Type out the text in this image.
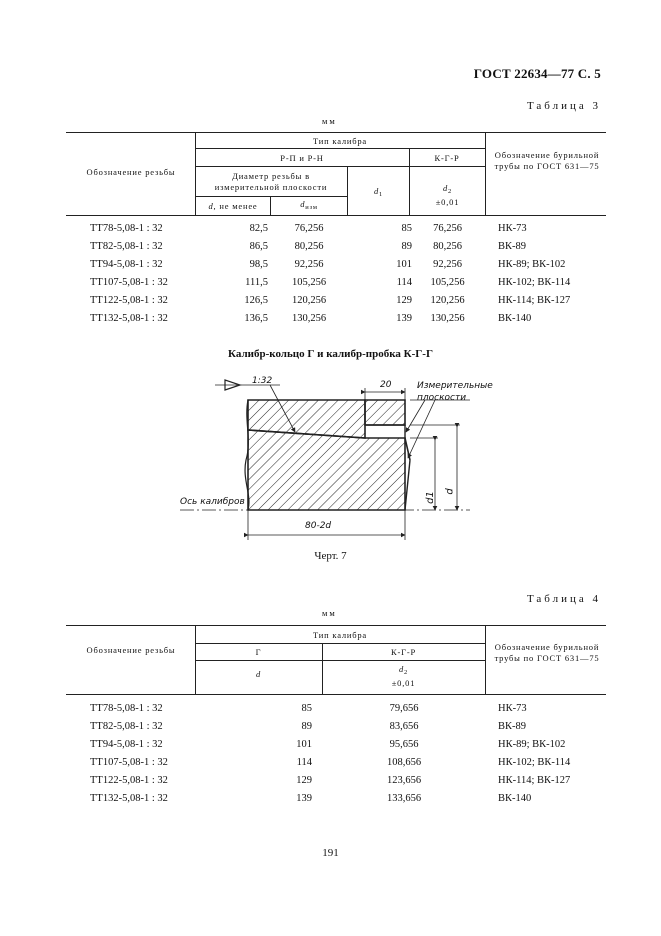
ГОСТ 22634—77 С. 5
Таблица 3
мм
Обозначение резьбы
Тип калибра
Р-П и Р-Н	К-Г-Р
Диаметр резьбы в измерительной плоскости
d, не менее	$d_{изм}$
$d_1$
$d_2$
±0,01
Обозначение бурильной трубы по ГОСТ 631—75
ТТ78-5,08-1 : 32	82,5	76,256	85	76,256	НК-73
ТТ82-5,08-1 : 32	86,5	80,256	89	80,256	ВК-89
ТТ94-5,08-1 : 32	98,5	92,256	101	92,256	НК-89; ВК-102
ТТ107-5,08-1 : 32	111,5	105,256	114	105,256	НК-102; ВК-114
ТТ122-5,08-1 : 32	126,5	120,256	129	120,256	НК-114; ВК-127
ТТ132-5,08-1 : 32	136,5	130,256	139	130,256	ВК-140
Калибр-кольцо Г и калибр-пробка К-Г-Г
1:32	20	Измерительные плоскости
Ось калибров
80-2d
d1 d
Черт. 7
Таблица 4
мм
Обозначение резьбы
Тип калибра
Г	К-Г-Р
d	$d_2$
±0,01
Обозначение бурильной трубы по ГОСТ 631—75
ТТ78-5,08-1 : 32	85	79,656	НК-73
ТТ82-5,08-1 : 32	89	83,656	ВК-89
ТТ94-5,08-1 : 32	101	95,656	НК-89; ВК-102
ТТ107-5,08-1 : 32	114	108,656	НК-102; ВК-114
ТТ122-5,08-1 : 32	129	123,656	НК-114; ВК-127
ТТ132-5,08-1 : 32	139	133,656	ВК-140
191
